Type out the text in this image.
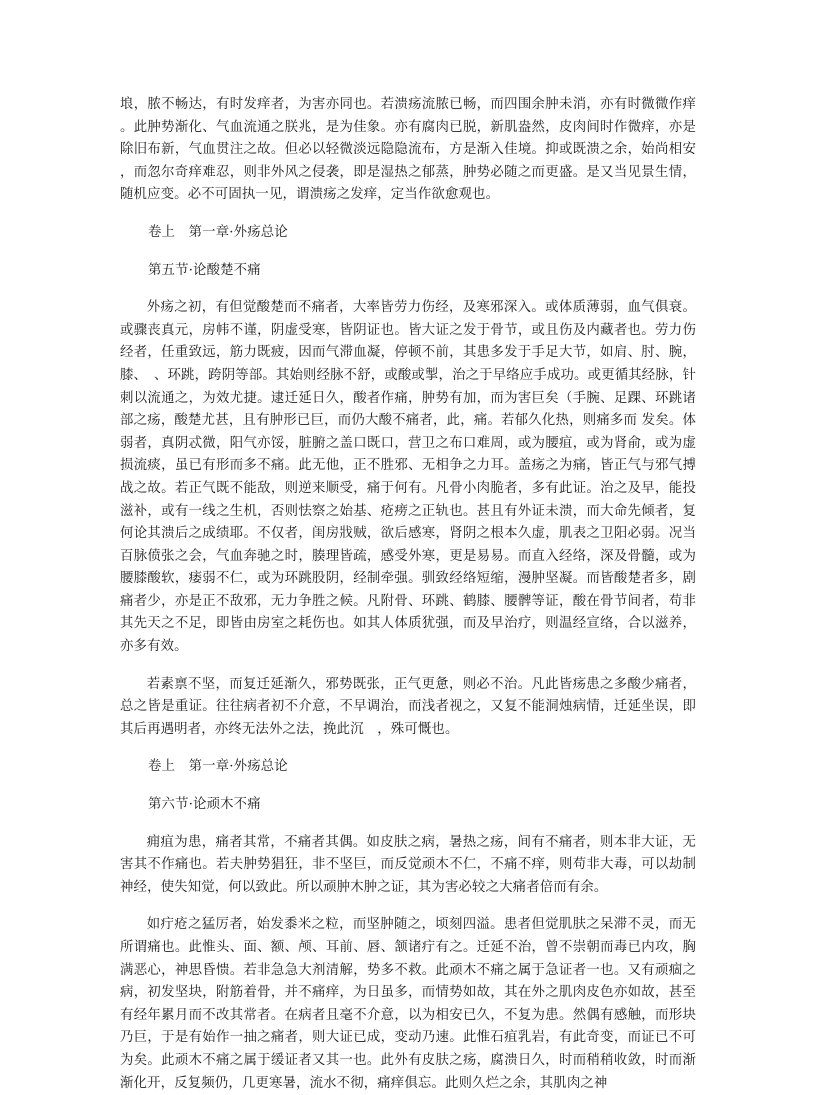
埌，脓不畅达，有时发痒者，为害亦同也。若溃疡流脓已畅，而四围余肿未消，亦有时微微作痒。此肿势渐化、气血流通之朕兆，是为佳象。亦有腐肉已脱，新肌盎然，皮肉间时作微痒，亦是除旧布新，气血贯注之故。但必以轻微淡远隐隐流布，方是渐入佳境。抑或既溃之余，始尚相安，而忽尔奇痒难忍，则非外风之侵袭，即是湿热之郁蒸，肿势必随之而更盛。是又当见景生情，随机应变。必不可固执一见，谓溃疡之发痒，定当作欲愈观也。

卷上　第一章·外疡总论

第五节·论酸楚不痛

外疡之初，有但觉酸楚而不痛者，大率皆劳力伤经，及寒邪深入。或体质薄弱，血气俱衰。或骤丧真元，房帏不谨，阴虚受寒，皆阴证也。皆大证之发于骨节，或且伤及内藏者也。劳力伤经者，任重致远，筋力既疲，因而气滞血凝，停顿不前，其患多发于手足大节，如肩、肘、腕，膝、　、环跳，跨阴等部。其始则经脉不舒，或酸或掣，治之于早络应手成功。或更循其经脉，针刺以流通之，为效尤捷。逮迁延日久，酸者作痛，肿势有加，而为害巨矣（手腕、足踝、环跳诸部之疡，酸楚尤甚，且有肿形已巨，而仍大酸不痛者，此，痛。若郁久化热，则痛多而 发矣。体弱者，真阴忒微，阳气亦馁，脏腑之盖口既口，营卫之布口难周，或为腰疽，或为肾俞，或为虚损流痰，虽已有形而多不痛。此无他，正不胜邪、无相争之力耳。盖疡之为痛，皆正气与邪气搏战之故。若正气既不能敌，则逆来顺受，痛于何有。凡骨小肉脆者，多有此证。治之及早，能投滋补，或有一线之生机，否则怯察之始基、疮痨之正轨也。甚且有外证未溃，而大命先倾者，复何论其溃后之成绩耶。不仅者，闺房戕贼，欲后感寒，肾阴之根本久虚，肌表之卫阳必弱。况当百脉偾张之会，气血奔驰之时，腠理皆疏，感受外寒，更是易易。而直入经络，深及骨髓，或为腰膝酸软，痿弱不仁，或为环跳股阴，经制牵强。驯致经络短缩，漫肿坚凝。而皆酸楚者多，剧痛者少，亦是正不敌邪，无力争胜之候。凡附骨、环跳、鹤膝、腰髀等证，酸在骨节间者，苟非其先天之不足，即皆由房室之耗伤也。如其人体质犹强，而及早治疗，则温经宣络，合以滋养，亦多有效。

若素禀不坚，而复迁延渐久，邪势既张，正气更惫，则必不治。凡此皆疡患之多酸少痛者，总之皆是重证。往往病者初不介意，不早调治，而浅者视之，又复不能洞烛病情，迁延坐误，即其后再遇明者，亦终无法外之法，挽此沉　，殊可慨也。

卷上　第一章·外疡总论

第六节·论顽木不痛

痈疽为患，痛者其常，不痛者其偶。如皮肤之病，暑热之疡，间有不痛者，则本非大证，无害其不作痛也。若夫肿势猖狂，非不坚巨，而反觉顽木不仁，不痛不痒，则苟非大毒，可以劫制神经，使失知觉，何以致此。所以顽肿木肿之证，其为害必较之大痛者倍而有余。

如疔疮之猛厉者，始发黍米之粒，而坚肿随之，顷刻四溢。患者但觉肌肤之呆滞不灵，而无所谓痛也。此惟头、面、额、颅、耳前、唇、颔诸疔有之。迁延不治，曾不崇朝而毒已内攻，胸满恶心，神思昏愦。若非急急大剂清解，势多不救。此顽木不痛之属于急证者一也。又有顽痼之病，初发坚块，附筋着骨，并不痛痒，为日虽多，而情势如故，其在外之肌肉皮色亦如故，甚至有经年累月而不改其常者。在病者且毫不介意，以为相安已久，不复为患。然偶有感触，而形块乃巨，于是有始作一抽之痛者，则大证已成，变动乃速。此惟石疽乳岩，有此奇变，而证已不可为矣。此顽木不痛之属于缓证者又其一也。此外有皮肤之疡，腐溃日久，时而稍稍收敛，时而渐渐化开，反复频仍，几更寒暑，流水不彻，痛痒俱忘。此则久烂之余，其肌肉之神
